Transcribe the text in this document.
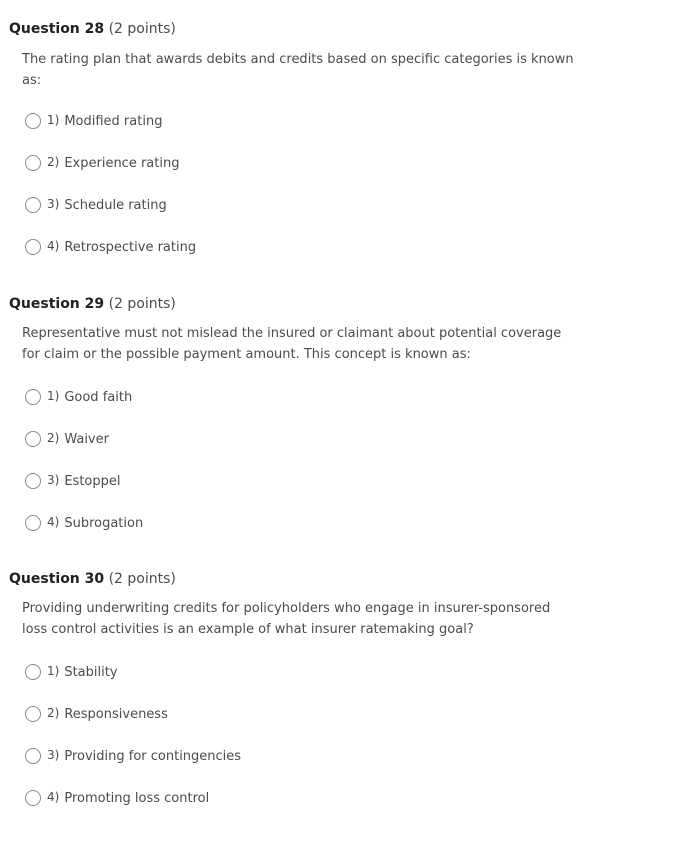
Question 28 (2 points)
The rating plan that awards debits and credits based on specific categories is known
as:
1) Modified rating
2) Experience rating
3) Schedule rating
4) Retrospective rating
Question 29 (2 points)
Representative must not mislead the insured or claimant about potential coverage
for claim or the possible payment amount. This concept is known as:
1) Good faith
2) Waiver
3) Estoppel
4) Subrogation
Question 30 (2 points)
Providing underwriting credits for policyholders who engage in insurer-sponsored
loss control activities is an example of what insurer ratemaking goal?
1) Stability
2) Responsiveness
3) Providing for contingencies
4) Promoting loss control
